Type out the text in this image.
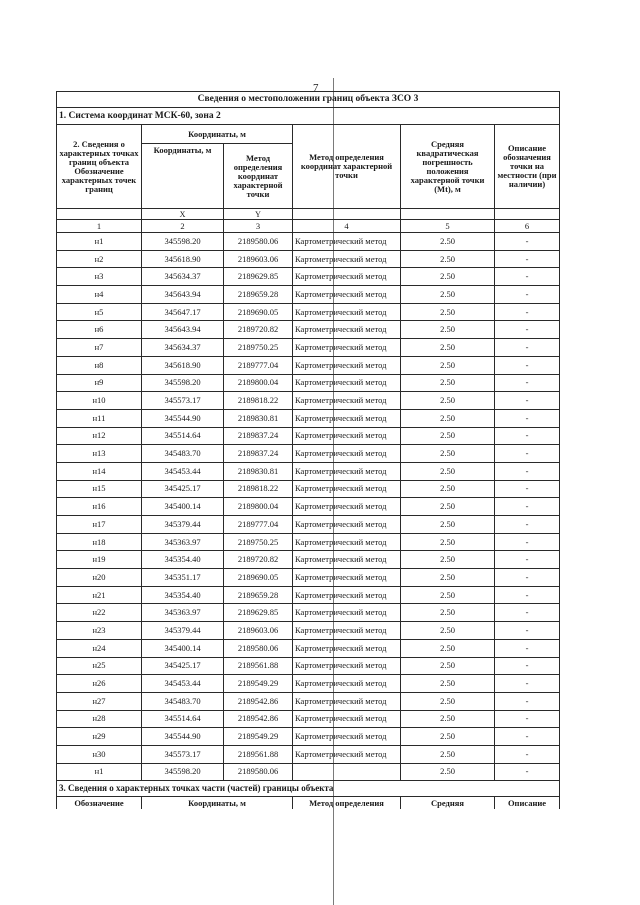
7
Сведения о местоположении границ объекта ЗСО 3					
1. Система координат МСК-60, зона 2					
2. Сведения о характерных точках границ объекта Обозначение характерных точек границ	Координаты, м		Метод определения координат характерной точки	Средняя квадратическая погрешность положения характерной точки (Mt), м	Описание обозначения точки на местности (при наличии)
	Координаты, м	Метод определения координат характерной точки			
	X	Y			
1	2	3	4	5	6
н1	345598.20	2189580.06	Картометрический метод	2.50	-
н2	345618.90	2189603.06	Картометрический метод	2.50	-
н3	345634.37	2189629.85	Картометрический метод	2.50	-
н4	345643.94	2189659.28	Картометрический метод	2.50	-
н5	345647.17	2189690.05	Картометрический метод	2.50	-
н6	345643.94	2189720.82	Картометрический метод	2.50	-
н7	345634.37	2189750.25	Картометрический метод	2.50	-
н8	345618.90	2189777.04	Картометрический метод	2.50	-
н9	345598.20	2189800.04	Картометрический метод	2.50	-
н10	345573.17	2189818.22	Картометрический метод	2.50	-
н11	345544.90	2189830.81	Картометрический метод	2.50	-
н12	345514.64	2189837.24	Картометрический метод	2.50	-
н13	345483.70	2189837.24	Картометрический метод	2.50	-
н14	345453.44	2189830.81	Картометрический метод	2.50	-
н15	345425.17	2189818.22	Картометрический метод	2.50	-
н16	345400.14	2189800.04	Картометрический метод	2.50	-
н17	345379.44	2189777.04	Картометрический метод	2.50	-
н18	345363.97	2189750.25	Картометрический метод	2.50	-
н19	345354.40	2189720.82	Картометрический метод	2.50	-
н20	345351.17	2189690.05	Картометрический метод	2.50	-
н21	345354.40	2189659.28	Картометрический метод	2.50	-
н22	345363.97	2189629.85	Картометрический метод	2.50	-
н23	345379.44	2189603.06	Картометрический метод	2.50	-
н24	345400.14	2189580.06	Картометрический метод	2.50	-
н25	345425.17	2189561.88	Картометрический метод	2.50	-
н26	345453.44	2189549.29	Картометрический метод	2.50	-
н27	345483.70	2189542.86	Картометрический метод	2.50	-
н28	345514.64	2189542.86	Картометрический метод	2.50	-
н29	345544.90	2189549.29	Картометрический метод	2.50	-
н30	345573.17	2189561.88	Картометрический метод	2.50	-
н1	345598.20	2189580.06		2.50	-
3. Сведения о характерных точках части (частей) границы объекта					
Обозначение	Координаты, м		Метод определения	Средняя	Описание
